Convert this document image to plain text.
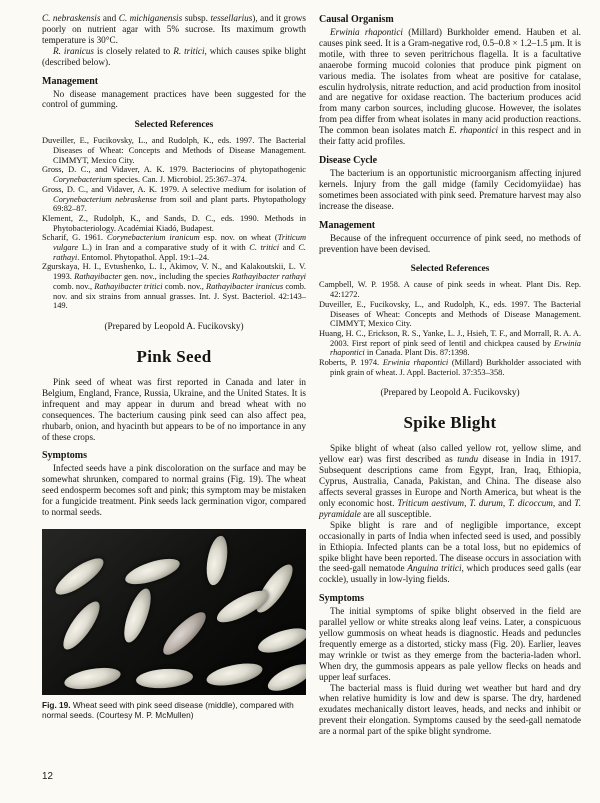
C. nebraskensis and C. michiganensis subsp. tessellarius), and it grows poorly on nutrient agar with 5% sucrose. Its maximum growth temperature is 30°C.

R. iranicus is closely related to R. tritici, which causes spike blight (described below).

Management

No disease management practices have been suggested for the control of gumming.

Selected References

Duveiller, E., Fucikovsky, L., and Rudolph, K., eds. 1997. The Bacterial Diseases of Wheat: Concepts and Methods of Disease Management. CIMMYT, Mexico City.

Gross, D. C., and Vidaver, A. K. 1979. Bacteriocins of phytopathogenic Corynebacterium species. Can. J. Microbiol. 25:367–374.

Gross, D. C., and Vidaver, A. K. 1979. A selective medium for isolation of Corynebacterium nebraskense from soil and plant parts. Phytopathology 69:82–87.

Klement, Z., Rudolph, K., and Sands, D. C., eds. 1990. Methods in Phytobacteriology. Académiai Kiadó, Budapest.

Scharif, G. 1961. Corynebacterium iranicum esp. nov. on wheat (Triticum vulgare L.) in Iran and a comparative study of it with C. tritici and C. rathayi. Entomol. Phytopathol. Appl. 19:1–24.

Zgurskaya, H. I., Evtushenko, L. I., Akimov, V. N., and Kalakoutskii, L. V. 1993. Rathayibacter gen. nov., including the species Rathayibacter rathayi comb. nov., Rathayibacter tritici comb. nov., Rathayibacter iranicus comb. nov. and six strains from annual grasses. Int. J. Syst. Bacteriol. 42:143–149.

(Prepared by Leopold A. Fucikovsky)

Pink Seed

Pink seed of wheat was first reported in Canada and later in Belgium, England, France, Russia, Ukraine, and the United States. It is infrequent and may appear in durum and bread wheat with no consequences. The bacterium causing pink seed can also affect pea, rhubarb, onion, and hyacinth but appears to be of no importance in any of these crops.

Symptoms

Infected seeds have a pink discoloration on the surface and may be somewhat shrunken, compared to normal grains (Fig. 19). The wheat seed endosperm becomes soft and pink; this symptom may be mistaken for a fungicide treatment. Pink seeds lack germination vigor, compared to normal seeds.

Fig. 19. Wheat seed with pink seed disease (middle), compared with normal seeds. (Courtesy M. P. McMullen)

Causal Organism

Erwinia rhapontici (Millard) Burkholder emend. Hauben et al. causes pink seed. It is a Gram-negative rod, 0.5–0.8 × 1.2–1.5 μm. It is motile, with three to seven peritrichous flagella. It is a facultative anaerobe forming mucoid colonies that produce pink pigment on various media. The isolates from wheat are positive for catalase, esculin hydrolysis, nitrate reduction, and acid production from inositol and are negative for oxidase reaction. The bacterium produces acid from many carbon sources, including glucose. However, the isolates from pea differ from wheat isolates in many acid production reactions. The common bean isolates match E. rhapontici in this respect and in their fatty acid profiles.

Disease Cycle

The bacterium is an opportunistic microorganism affecting injured kernels. Injury from the gall midge (family Cecidomyiidae) has sometimes been associated with pink seed. Premature harvest may also increase the disease.

Management

Because of the infrequent occurrence of pink seed, no methods of prevention have been devised.

Selected References

Campbell, W. P. 1958. A cause of pink seeds in wheat. Plant Dis. Rep. 42:1272.

Duveiller, E., Fucikovsky, L., and Rudolph, K., eds. 1997. The Bacterial Diseases of Wheat: Concepts and Methods of Disease Management. CIMMYT, Mexico City.

Huang, H. C., Erickson, R. S., Yanke, L. J., Hsieh, T. F., and Morrall, R. A. A. 2003. First report of pink seed of lentil and chickpea caused by Erwinia rhapontici in Canada. Plant Dis. 87:1398.

Roberts, P. 1974. Erwinia rhapontici (Millard) Burkholder associated with pink grain of wheat. J. Appl. Bacteriol. 37:353–358.

(Prepared by Leopold A. Fucikovsky)

Spike Blight

Spike blight of wheat (also called yellow rot, yellow slime, and yellow ear) was first described as tundu disease in India in 1917. Subsequent descriptions came from Egypt, Iran, Iraq, Ethiopia, Cyprus, Australia, Canada, Pakistan, and China. The disease also affects several grasses in Europe and North America, but wheat is the only economic host. Triticum aestivum, T. durum, T. dicoccum, and T. pyramidale are all susceptible.

Spike blight is rare and of negligible importance, except occasionally in parts of India when infected seed is used, and possibly in Ethiopia. Infected plants can be a total loss, but no epidemics of spike blight have been reported. The disease occurs in association with the seed-gall nematode Anguina tritici, which produces seed galls (ear cockle), usually in low-lying fields.

Symptoms

The initial symptoms of spike blight observed in the field are parallel yellow or white streaks along leaf veins. Later, a conspicuous yellow gummosis on wheat heads is diagnostic. Heads and peduncles frequently emerge as a distorted, sticky mass (Fig. 20). Earlier, leaves may wrinkle or twist as they emerge from the bacteria-laden whorl. When dry, the gummosis appears as pale yellow flecks on heads and upper leaf surfaces.

The bacterial mass is fluid during wet weather but hard and dry when relative humidity is low and dew is sparse. The dry, hardened exudates mechanically distort leaves, heads, and necks and inhibit or prevent their elongation. Symptoms caused by the seed-gall nematode are a normal part of the spike blight syndrome.

12
